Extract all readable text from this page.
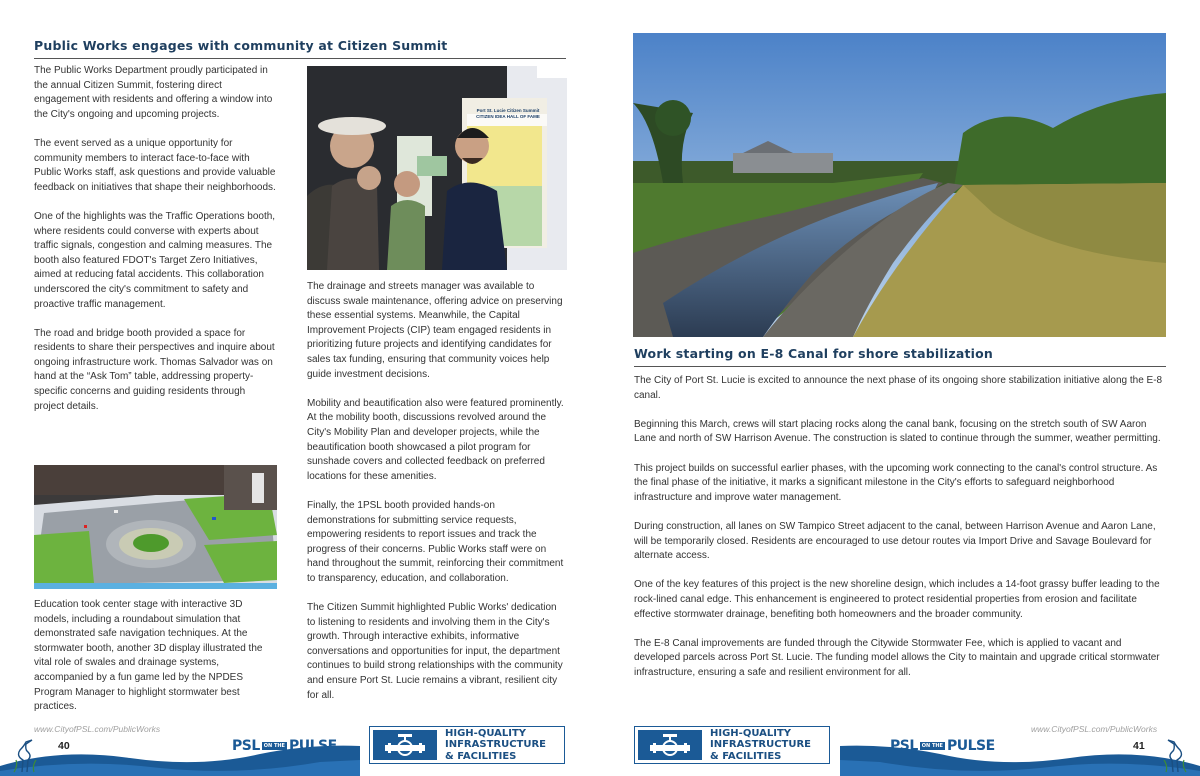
Public Works engages with community at Citizen Summit

The Public Works Department proudly participated in the annual Citizen Summit, fostering direct engagement with residents and offering a window into the City's ongoing and upcoming projects.

The event served as a unique opportunity for community members to interact face-to-face with Public Works staff, ask questions and provide valuable feedback on initiatives that shape their neighborhoods.

One of the highlights was the Traffic Operations booth, where residents could converse with experts about traffic signals, congestion and calming measures. The booth also featured FDOT's Target Zero Initiatives, aimed at reducing fatal accidents. This collaboration underscored the city's commitment to safety and proactive traffic management.

The road and bridge booth provided a space for residents to share their perspectives and inquire about ongoing infrastructure work. Thomas Salvador was on hand at the “Ask Tom” table, addressing property-specific concerns and guiding residents through project details.

Education took center stage with interactive 3D models, including a roundabout simulation that demonstrated safe navigation techniques. At the stormwater booth, another 3D display illustrated the vital role of swales and drainage systems, accompanied by a fun game led by the NPDES Program Manager to highlight stormwater best practices.

Port St. Lucie Citizen Summit
CITIZEN IDEA HALL OF FAME

The drainage and streets manager was available to discuss swale maintenance, offering advice on preserving these essential systems. Meanwhile, the Capital Improvement Projects (CIP) team engaged residents in prioritizing future projects and identifying candidates for sales tax funding, ensuring that community voices help guide investment decisions.

Mobility and beautification also were featured prominently. At the mobility booth, discussions revolved around the City's Mobility Plan and developer projects, while the beautification booth showcased a pilot program for sunshade covers and collected feedback on preferred locations for these amenities.

Finally, the 1PSL booth provided hands-on demonstrations for submitting service requests, empowering residents to report issues and track the progress of their concerns. Public Works staff were on hand throughout the summit, reinforcing their commitment to transparency, education, and collaboration.

The Citizen Summit highlighted Public Works' dedication to listening to residents and involving them in the City's growth. Through interactive exhibits, informative conversations and opportunities for input, the department continues to build strong relationships with the community and ensure Port St. Lucie remains a vibrant, resilient city for all.

www.CityofPSL.com/PublicWorks
40	PSL ON THE PULSE
HIGH-QUALITY
INFRASTRUCTURE
& FACILITIES
Work starting on E-8 Canal for shore stabilization

The City of Port St. Lucie is excited to announce the next phase of its ongoing shore stabilization initiative along the E-8 canal.

Beginning this March, crews will start placing rocks along the canal bank, focusing on the stretch south of SW Aaron Lane and north of SW Harrison Avenue. The construction is slated to continue through the summer, weather permitting.

This project builds on successful earlier phases, with the upcoming work connecting to the canal's control structure. As the final phase of the initiative, it marks a significant milestone in the City's efforts to safeguard neighborhood infrastructure and improve water management.

During construction, all lanes on SW Tampico Street adjacent to the canal, between Harrison Avenue and Aaron Lane, will be temporarily closed. Residents are encouraged to use detour routes via Import Drive and Savage Boulevard for alternate access.

One of the key features of this project is the new shoreline design, which includes a 14-foot grassy buffer leading to the rock-lined canal edge. This enhancement is engineered to protect residential properties from erosion and facilitate effective stormwater drainage, benefiting both homeowners and the broader community.

The E-8 Canal improvements are funded through the Citywide Stormwater Fee, which is applied to vacant and developed parcels across Port St. Lucie. The funding model allows the City to maintain and upgrade critical stormwater infrastructure, ensuring a safe and resilient environment for all.

HIGH-QUALITY
INFRASTRUCTURE
& FACILITIES
www.CityofPSL.com/PublicWorks
PSL ON THE PULSE	41
